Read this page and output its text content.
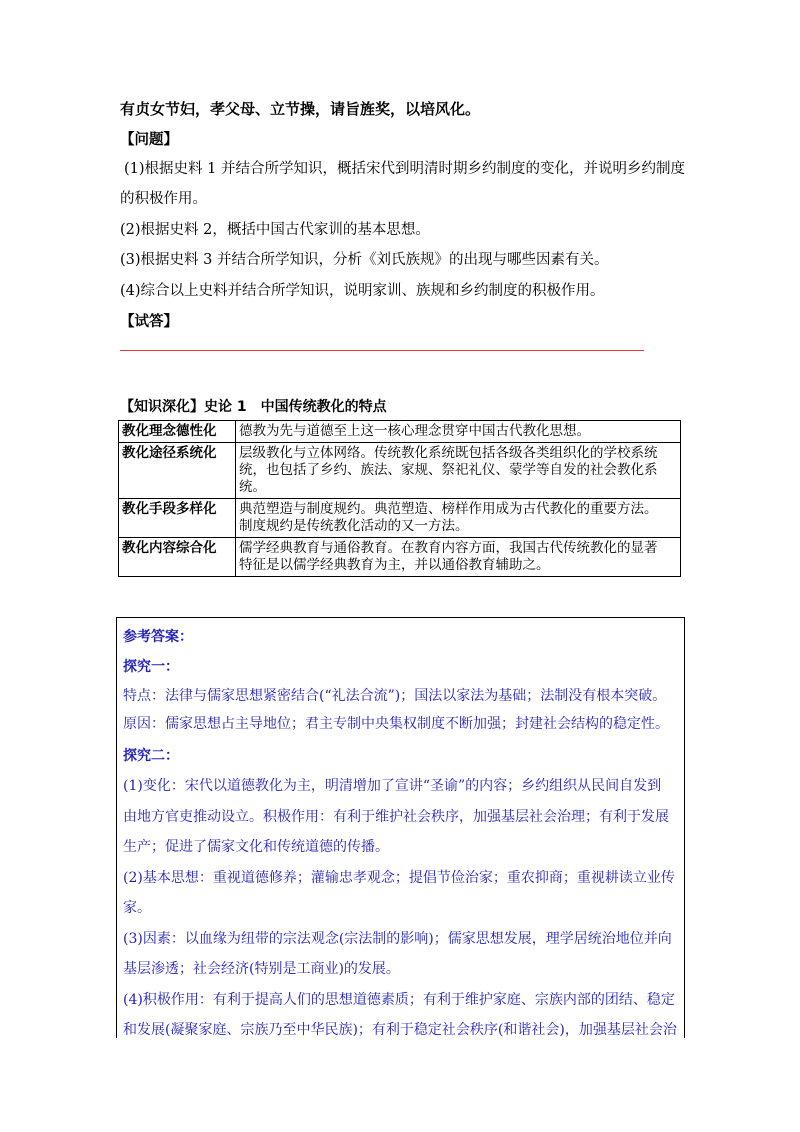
有贞女节妇，孝父母、立节操，请旨旌奖，以培风化。
【问题】
(1)根据史料 1 并结合所学知识，概括宋代到明清时期乡约制度的变化，并说明乡约制度
的积极作用。
(2)根据史料 2，概括中国古代家训的基本思想。
(3)根据史料 3 并结合所学知识，分析《刘氏族规》的出现与哪些因素有关。
(4)综合以上史料并结合所学知识，说明家训、族规和乡约制度的积极作用。
【试答】
【知识深化】史论 1　中国传统教化的特点
教化理念德性化	德教为先与道德至上这一核心理念贯穿中国古代教化思想。

教化途径系统化	层级教化与立体网络。传统教化系统既包括各级各类组织化的学校系统
统，也包括了乡约、族法、家规、祭祀礼仪、蒙学等自发的社会教化系
统。

教化手段多样化	典范塑造与制度规约。典范塑造、榜样作用成为古代教化的重要方法。
制度规约是传统教化活动的又一方法。

教化内容综合化	儒学经典教育与通俗教育。在教育内容方面，我国古代传统教化的显著
特征是以儒学经典教育为主，并以通俗教育辅助之。
参考答案：
探究一：
特点：法律与儒家思想紧密结合(“礼法合流”)；国法以家法为基础；法制没有根本突破。
原因：儒家思想占主导地位；君主专制中央集权制度不断加强；封建社会结构的稳定性。
探究二：
(1)变化：宋代以道德教化为主，明清增加了宣讲“圣谕”的内容；乡约组织从民间自发到
由地方官吏推动设立。积极作用：有利于维护社会秩序，加强基层社会治理；有利于发展
生产；促进了儒家文化和传统道德的传播。
(2)基本思想：重视道德修养；灌输忠孝观念；提倡节俭治家；重农抑商；重视耕读立业传
家。
(3)因素：以血缘为纽带的宗法观念(宗法制的影响)；儒家思想发展，理学居统治地位并向
基层渗透；社会经济(特别是工商业)的发展。
(4)积极作用：有利于提高人们的思想道德素质；有利于维护家庭、宗族内部的团结、稳定
和发展(凝聚家庭、宗族乃至中华民族)；有利于稳定社会秩序(和谐社会)，加强基层社会治
